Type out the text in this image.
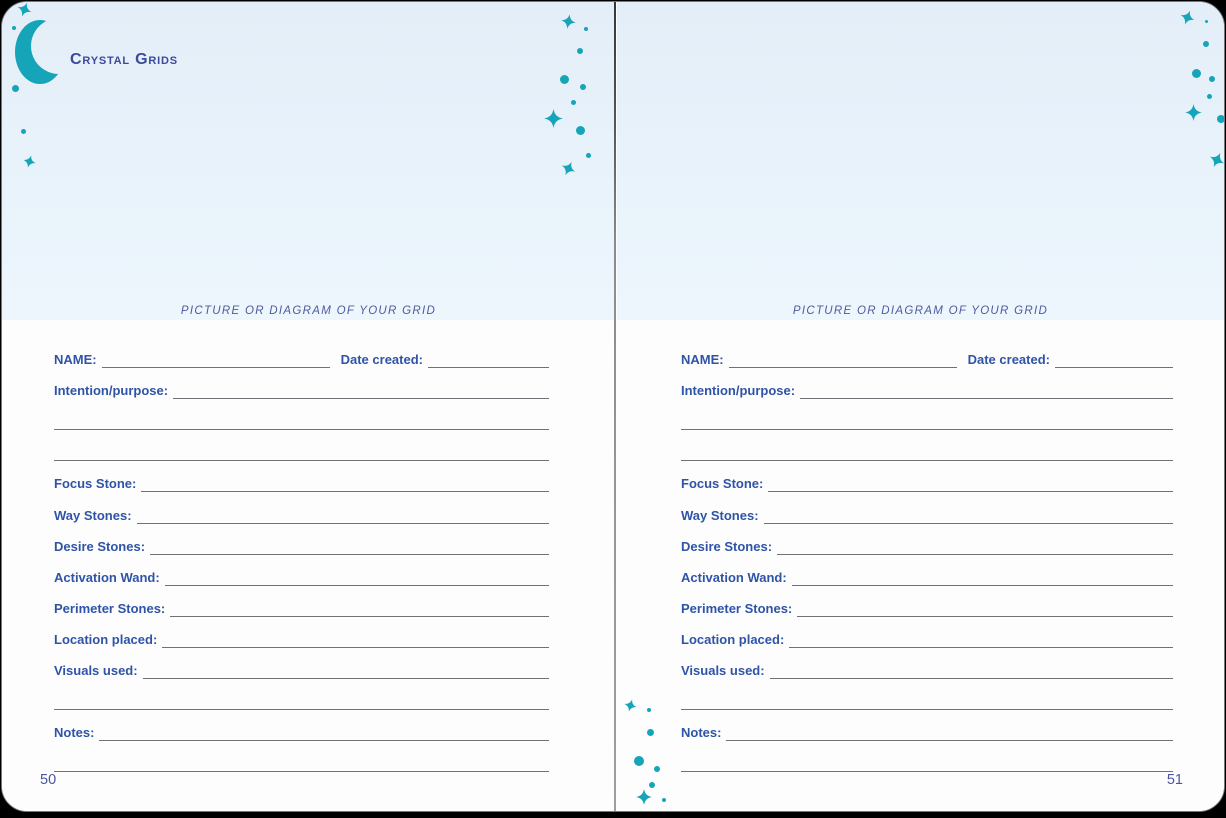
Crystal Grids
PICTURE OR DIAGRAM OF YOUR GRID
NAME:	Date created:
Intention/purpose:
Focus Stone:
Way Stones:
Desire Stones:
Activation Wand:
Perimeter Stones:
Location placed:
Visuals used:
Notes:
50
PICTURE OR DIAGRAM OF YOUR GRID
NAME:	Date created:
Intention/purpose:
Focus Stone:
Way Stones:
Desire Stones:
Activation Wand:
Perimeter Stones:
Location placed:
Visuals used:
Notes:
51
